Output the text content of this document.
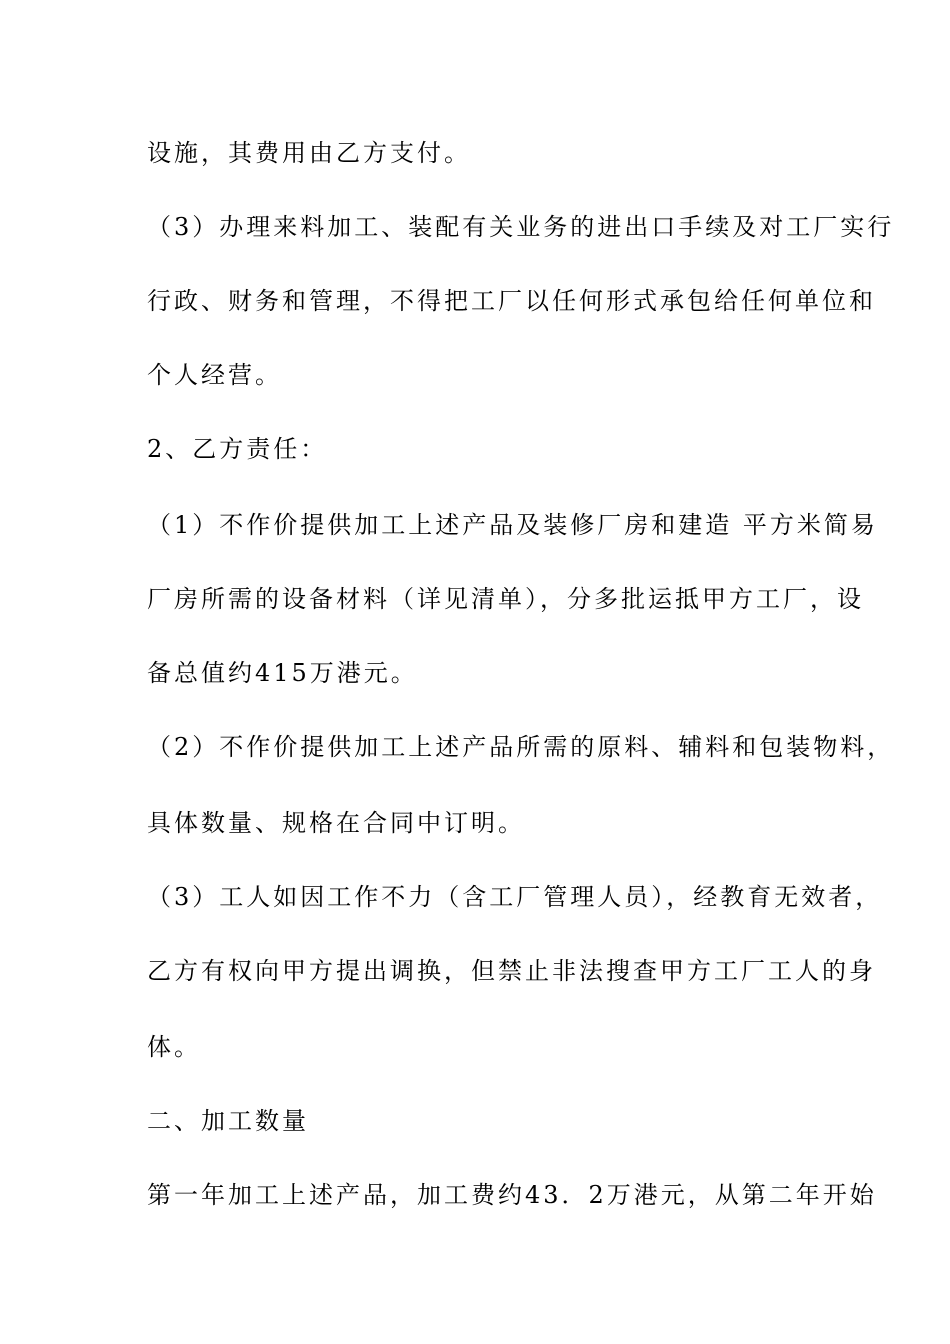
设施，其费用由乙方支付。
（3）办理来料加工、装配有关业务的进出口手续及对工厂实行
行政、财务和管理，不得把工厂以任何形式承包给任何单位和
个人经营。
2、乙方责任：
（1）不作价提供加工上述产品及装修厂房和建造 平方米简易
厂房所需的设备材料（详见清单），分多批运抵甲方工厂，设
备总值约415万港元。
（2）不作价提供加工上述产品所需的原料、辅料和包装物料，
具体数量、规格在合同中订明。
（3）工人如因工作不力（含工厂管理人员），经教育无效者，
乙方有权向甲方提出调换，但禁止非法搜查甲方工厂工人的身
体。
二、加工数量
第一年加工上述产品，加工费约43．2万港元，从第二年开始
